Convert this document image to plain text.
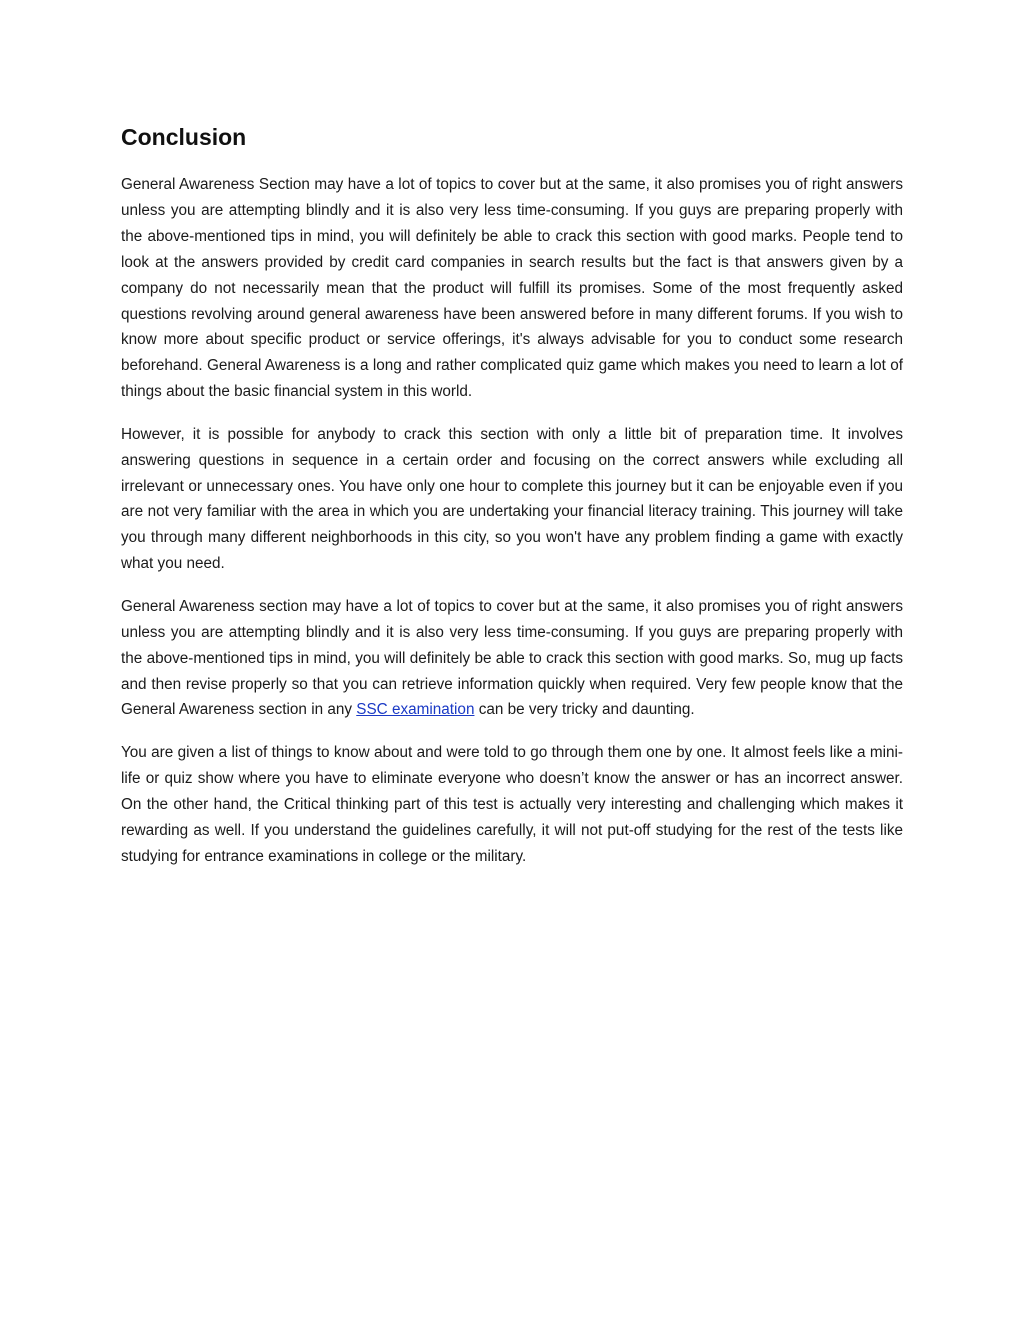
Conclusion

General Awareness Section may have a lot of topics to cover but at the same, it also promises you of right answers unless you are attempting blindly and it is also very less time-consuming. If you guys are preparing properly with the above-mentioned tips in mind, you will definitely be able to crack this section with good marks. People tend to look at the answers provided by credit card companies in search results but the fact is that answers given by a company do not necessarily mean that the product will fulfill its promises. Some of the most frequently asked questions revolving around general awareness have been answered before in many different forums. If you wish to know more about specific product or service offerings, it's always advisable for you to conduct some research beforehand. General Awareness is a long and rather complicated quiz game which makes you need to learn a lot of things about the basic financial system in this world.

However, it is possible for anybody to crack this section with only a little bit of preparation time. It involves answering questions in sequence in a certain order and focusing on the correct answers while excluding all irrelevant or unnecessary ones. You have only one hour to complete this journey but it can be enjoyable even if you are not very familiar with the area in which you are undertaking your financial literacy training. This journey will take you through many different neighborhoods in this city, so you won't have any problem finding a game with exactly what you need.

General Awareness section may have a lot of topics to cover but at the same, it also promises you of right answers unless you are attempting blindly and it is also very less time-consuming. If you guys are preparing properly with the above-mentioned tips in mind, you will definitely be able to crack this section with good marks. So, mug up facts and then revise properly so that you can retrieve information quickly when required. Very few people know that the General Awareness section in any SSC examination can be very tricky and daunting.

You are given a list of things to know about and were told to go through them one by one. It almost feels like a mini-life or quiz show where you have to eliminate everyone who doesn’t know the answer or has an incorrect answer. On the other hand, the Critical thinking part of this test is actually very interesting and challenging which makes it rewarding as well. If you understand the guidelines carefully, it will not put-off studying for the rest of the tests like studying for entrance examinations in college or the military.
